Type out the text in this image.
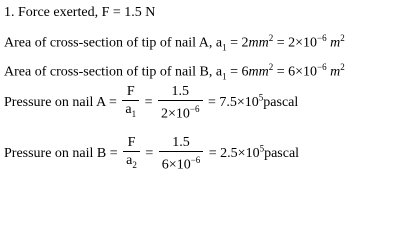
1. Force exerted, F = 1.5 N
Area of cross-section of tip of nail A, $a_1 = 2mm^2 = 2\times 10^{-6}$ $m^2$
Area of cross-section of tip of nail B, $a_1 = 6mm^2 = 6\times 10^{-6}$ $m^2$
Pressure on nail $A = \frac{F}{a_1} = \frac{1.5}{2\times 10^{-6}}$ = $7.5\times 10^5pascal$
Pressure on nail $B = \frac{F}{a_2} = \frac{1.5}{6\times 10^{-6}}$ = $2.5\times 10^5pascal$
